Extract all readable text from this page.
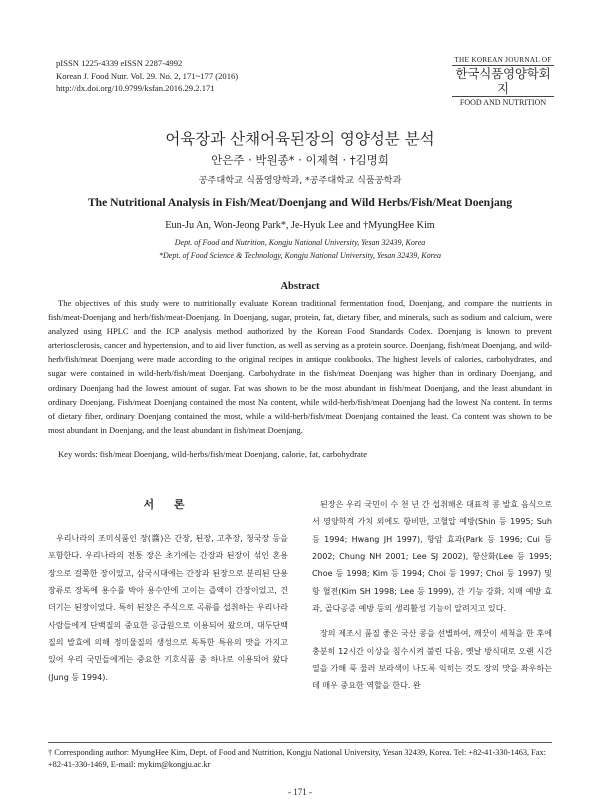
pISSN 1225-4339 eISSN 2287-4992
Korean J. Food Nutr. Vol. 29. No. 2, 171~177 (2016)
http://dx.doi.org/10.9799/ksfan.2016.29.2.171
THE KOREAN JOURNAL OF
한국식품영양학회지
FOOD AND NUTRITION
어육장과 산채어육된장의 영양성분 분석
안은주 · 박원종* · 이제혁 · †김명희
공주대학교 식품영양학과, *공주대학교 식품공학과
The Nutritional Analysis in Fish/Meat/Doenjang and Wild Herbs/Fish/Meat Doenjang
Eun-Ju An, Won-Jeong Park*, Je-Hyuk Lee and †MyungHee Kim
Dept. of Food and Nutrition, Kongju National University, Yesan 32439, Korea
*Dept. of Food Science & Technology, Kongju National University, Yesan 32439, Korea
Abstract
The objectives of this study were to nutritionally evaluate Korean traditional fermentation food, Doenjang, and compare the nutrients in fish/meat-Doenjang and herb/fish/meat-Doenjang. In Doenjang, sugar, protein, fat, dietary fiber, and minerals, such as sodium and calcium, were analyzed using HPLC and the ICP analysis method authorized by the Korean Food Standards Codex. Doenjang is known to prevent arteriosclerosis, cancer and hypertension, and to aid liver function, as well as serving as a protein source. Doenjang, fish/meat Doenjang, and wild-herb/fish/meat Doenjang were made according to the original recipes in antique cookbooks. The highest levels of calories, carbohydrates, and sugar were contained in wild-herb/fish/meat Doenjang. Carbohydrate in the fish/meat Doenjang was higher than in ordinary Doenjang, and ordinary Doenjang had the lowest amount of sugar. Fat was shown to be the most abundant in fish/meat Doenjang, and the least abundant in ordinary Doenjang. Fish/meat Doenjang contained the most Na content, while wild-herb/fish/meat Doenjang had the lowest Na content. In terms of dietary fiber, ordinary Doenjang contained the most, while a wild-herb/fish/meat Doenjang contained the least. Ca content was shown to be most abundant in Doenjang, and the least abundant in fish/meat Doenjang.
Key words: fish/meat Doenjang, wild-herbs/fish/meat Doenjang, calorie, fat, carbohydrate
서 론

우리나라의 조미식품인 장(醬)은 간장, 된장, 고추장, 청국장 등을 포함한다. 우리나라의 전통 장은 초기에는 간장과 된장이 섞인 혼용 장으로 걸쭉한 장이었고, 삼국시대에는 간장과 된장으로 분리된 단용 장류로 장독에 용수를 박아 용수안에 고이는 즙액이 간장이었고, 건더기는 된장이었다. 특히 된장은 주식으로 곡류를 섭취하는 우리나라 사람들에게 단백질의 중요한 공급원으로 이용되어 왔으며, 대두단백질의 발효에 의해 정미물질의 생성으로 독특한 특유의 맛을 가지고 있어 우리 국민들에게는 중요한 기호식품 중 하나로 이용되어 왔다(Jung 등 1994).

된장은 우리 국민이 수 천 년 간 섭취해온 대표적 콩 발효 음식으로서 영양학적 가치 외에도 항비만, 고혈압 예방(Shin 등 1995; Suh 등 1994; Hwang JH 1997), 항암 효과(Park 등 1996; Cui 등 2002; Chung NH 2001; Lee SJ 2002), 항산화(Lee 등 1995; Choe 등 1998; Kim 등 1994; Choi 등 1997; Choi 등 1997) 및 항 혈전(Kim SH 1998; Lee 등 1999), 간 기능 강화, 치매 예방 효과, 골다공증 예방 등의 생리활성 기능이 알려지고 있다.

장의 제조시 품질 좋은 국산 콩을 선별하여, 깨끗이 세척을 한 후에 충분히 12시간 이상을 침수시켜 불린 다음, 옛날 방식대로 오랜 시간 열을 가해 푹 물러 보라색이 나도록 익히는 것도 장의 맛을 좌우하는데 매우 중요한 역할을 한다. 완

† Corresponding author: MyungHee Kim, Dept. of Food and Nutrition, Kongju National University, Yesan 32439, Korea. Tel: +82-41-330-1463, Fax: +82-41-330-1469, E-mail: mykim@kongju.ac.kr
- 171 -
